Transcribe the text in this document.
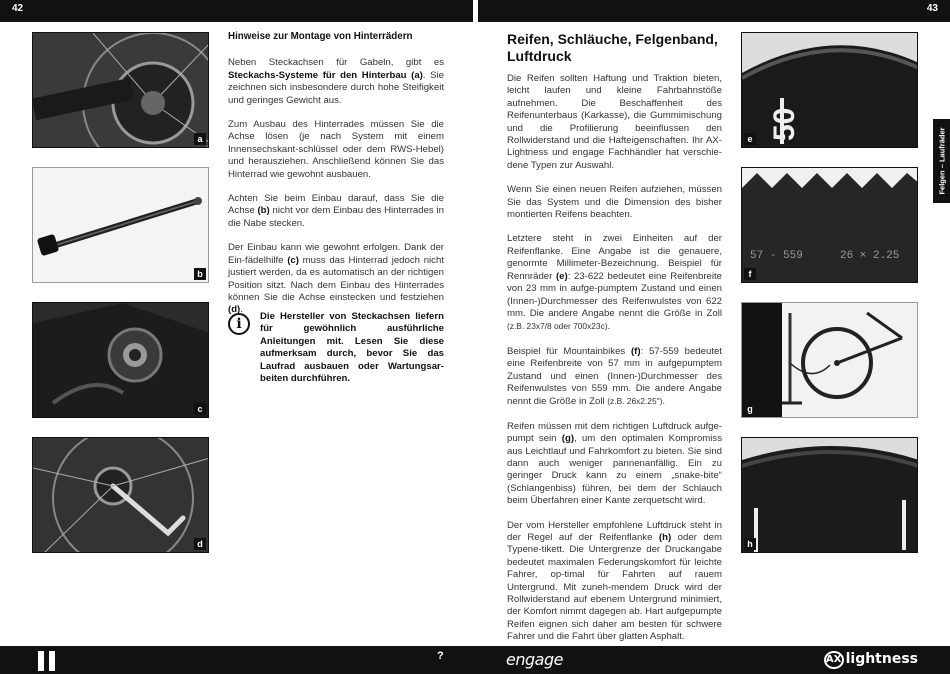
42	43
a
b
c
d
Hinweise zur Montage von Hinterrädern

Neben Steckachsen für Gabeln, gibt es Steckachs-Systeme für den Hinterbau (a). Sie zeichnen sich insbesondere durch hohe Steifigkeit und geringes Gewicht aus.

Zum Ausbau des Hinterrades müssen Sie die Achse lösen (je nach System mit einem Innensechskant-schlüssel oder dem RWS-Hebel) und herausziehen. Anschließend können Sie das Hinterrad wie gewohnt ausbauen.

Achten Sie beim Einbau darauf, dass Sie die Achse (b) nicht vor dem Einbau des Hinterrades in die Nabe stecken.

Der Einbau kann wie gewohnt erfolgen. Dank der Ein-fädelhilfe (c) muss das Hinterrad jedoch nicht justiert werden, da es automatisch an der richtigen Position sitzt. Nach dem Einbau des Hinterrades können Sie die Achse einstecken und festziehen (d).

i	Die Hersteller von Steckachsen liefern für gewöhnlich ausführliche Anleitungen mit. Lesen Sie diese aufmerksam durch, bevor Sie das Laufrad ausbauen oder Wartungsar-beiten durchführen.
Reifen, Schläuche, Felgenband, Luftdruck

Die Reifen sollten Haftung und Traktion bieten, leicht laufen und kleine Fahrbahnstöße aufnehmen. Die Beschaffenheit des Reifenunterbaus (Karkasse), die Gummimischung und die Profilierung beeinflussen den Rollwiderstand und die Hafteigenschaften. Ihr AX-Lightness und engage Fachhändler hat verschie-dene Typen zur Auswahl.

Wenn Sie einen neuen Reifen aufziehen, müssen Sie das System und die Dimension des bisher montierten Reifens beachten.

Letztere steht in zwei Einheiten auf der Reifenflanke. Eine Angabe ist die genauere, genormte Millimeter-Bezeichnung. Beispiel für Rennräder (e): 23-622 bedeutet eine Reifenbreite von 23 mm in aufge-pumptem Zustand und einen (Innen-)Durchmesser des Reifenwulstes von 622 mm. Die andere Angabe nennt die Größe in Zoll (z.B. 23x7/8 oder 700x23c).

Beispiel für Mountainbikes (f): 57-559 bedeutet eine Reifenbreite von 57 mm in aufgepumptem Zustand und einen (Innen-)Durchmesser des Reifenwulstes von 559 mm. Die andere Angabe nennt die Größe in Zoll (z.B. 26x2.25").

Reifen müssen mit dem richtigen Luftdruck aufge-pumpt sein (g), um den optimalen Kompromiss aus Leichtlauf und Fahrkomfort zu bieten. Sie sind dann auch weniger pannenanfällig. Ein zu geringer Druck kann zu einem „snake-bite“ (Schlangenbiss) führen, bei dem der Schlauch beim Überfahren einer Kante zerquetscht wird.

Der vom Hersteller empfohlene Luftdruck steht in der Regel auf der Reifenflanke (h) oder dem Typene-tikett. Die Untergrenze der Druckangabe bedeutet maximalen Federungskomfort für leichte Fahrer, op-timal für Fahrten auf rauem Untergrund. Mit zuneh-mendem Druck wird der Rollwiderstand auf ebenem Untergrund minimiert, der Komfort nimmt dagegen ab. Hart aufgepumpte Reifen eignen sich daher am besten für schwere Fahrer und die Fahrt über glatten Asphalt.

50
e
57 - 559	26 × 2.25
f
g
h
Felgen – Laufräder
?	engage	AX lightness
